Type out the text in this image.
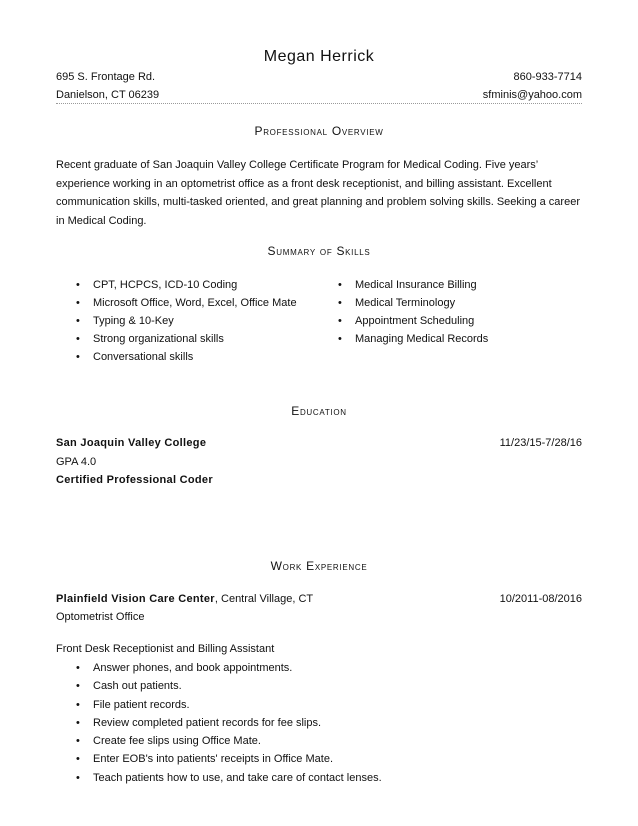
Megan Herrick
695 S. Frontage Rd.	860-933-7714
Danielson, CT 06239	sfminis@yahoo.com
Professional Overview
Recent graduate of San Joaquin Valley College Certificate Program for Medical Coding. Five years’ experience working in an optometrist office as a front desk receptionist, and billing assistant. Excellent communication skills, multi-tasked oriented, and great planning and problem solving skills. Seeking a career in Medical Coding.
Summary of Skills
• CPT, HCPCS, ICD-10 Coding
• Microsoft Office, Word, Excel, Office Mate
• Typing & 10-Key
• Strong organizational skills
• Conversational skills
• Medical Insurance Billing
• Medical Terminology
• Appointment Scheduling
• Managing Medical Records
Education
San Joaquin Valley College	11/23/15-7/28/16
GPA 4.0
Certified Professional Coder
Work Experience
Plainfield Vision Care Center, Central Village, CT	10/2011-08/2016
Optometrist Office
Front Desk Receptionist and Billing Assistant
• Answer phones, and book appointments.
• Cash out patients.
• File patient records.
• Review completed patient records for fee slips.
• Create fee slips using Office Mate.
• Enter EOB's into patients' receipts in Office Mate.
• Teach patients how to use, and take care of contact lenses.
